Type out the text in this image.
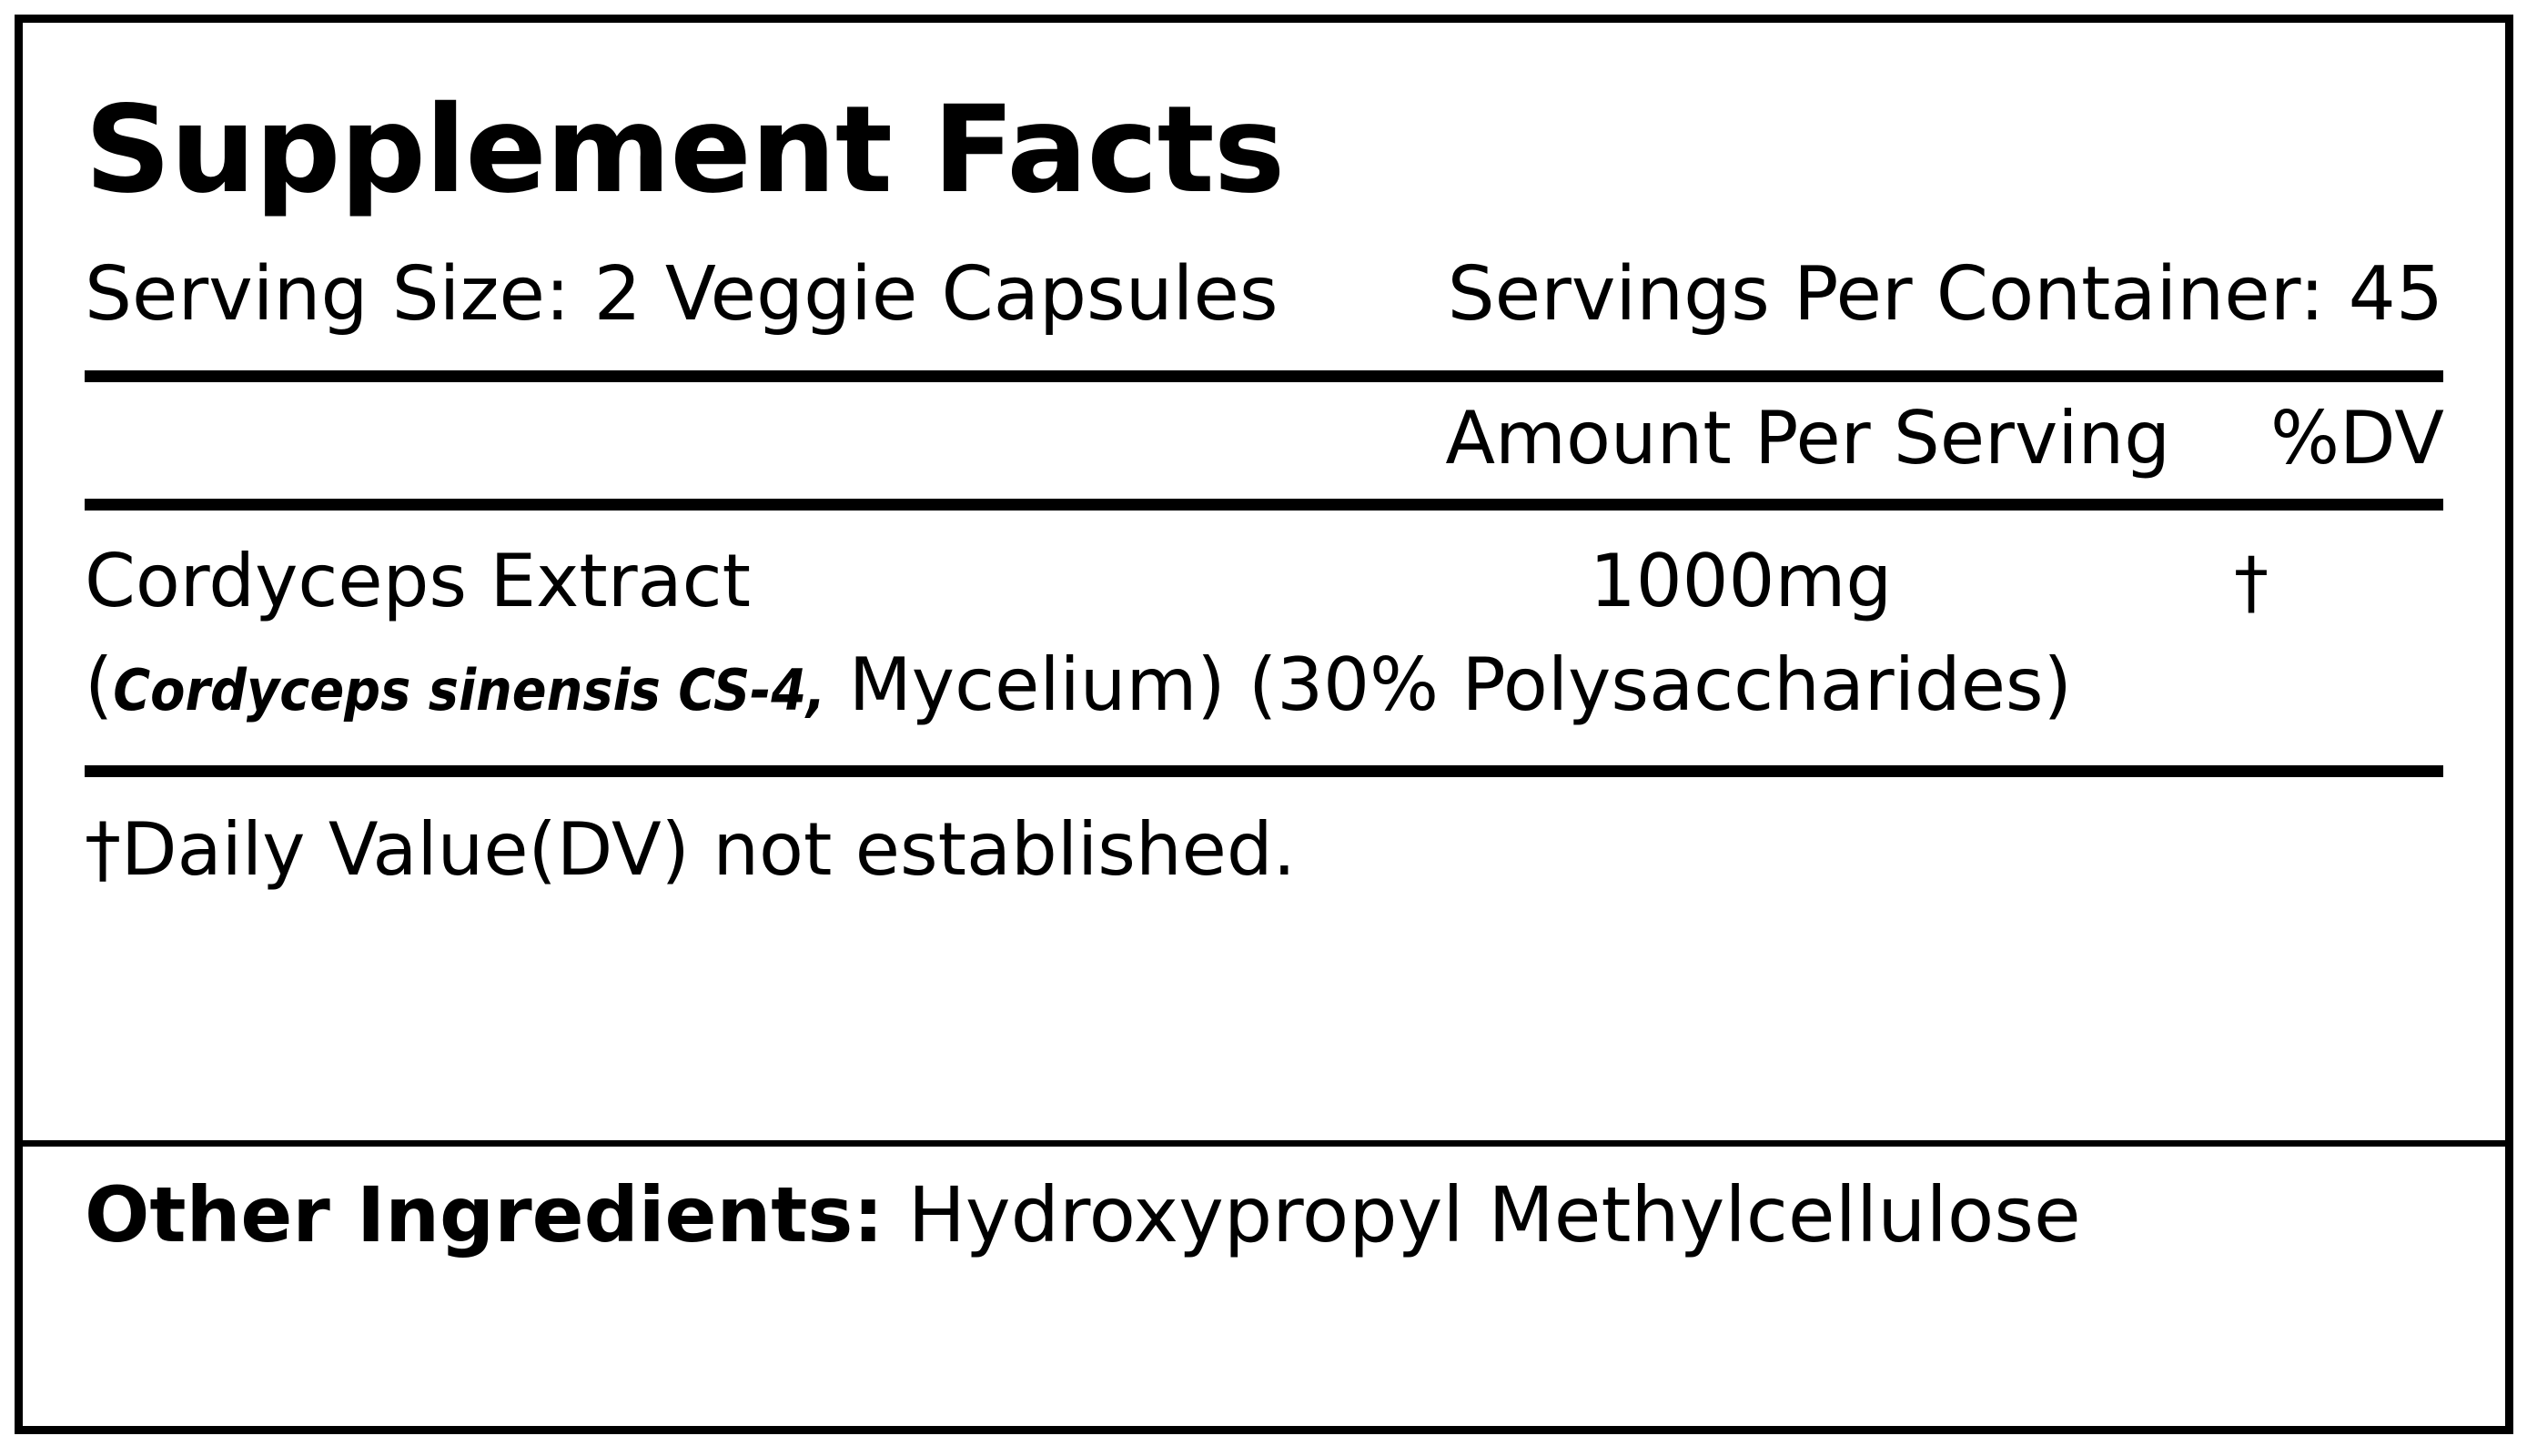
Supplement Facts
Serving Size: 2 Veggie Capsules Servings Per Container: 45
Amount Per Serving %DV
Cordyceps Extract	1000mg	†
(Cordyceps sinensis CS-4, Mycelium) (30% Polysaccharides)
†Daily Value(DV) not established.
Other Ingredients: Hydroxypropyl Methylcellulose
